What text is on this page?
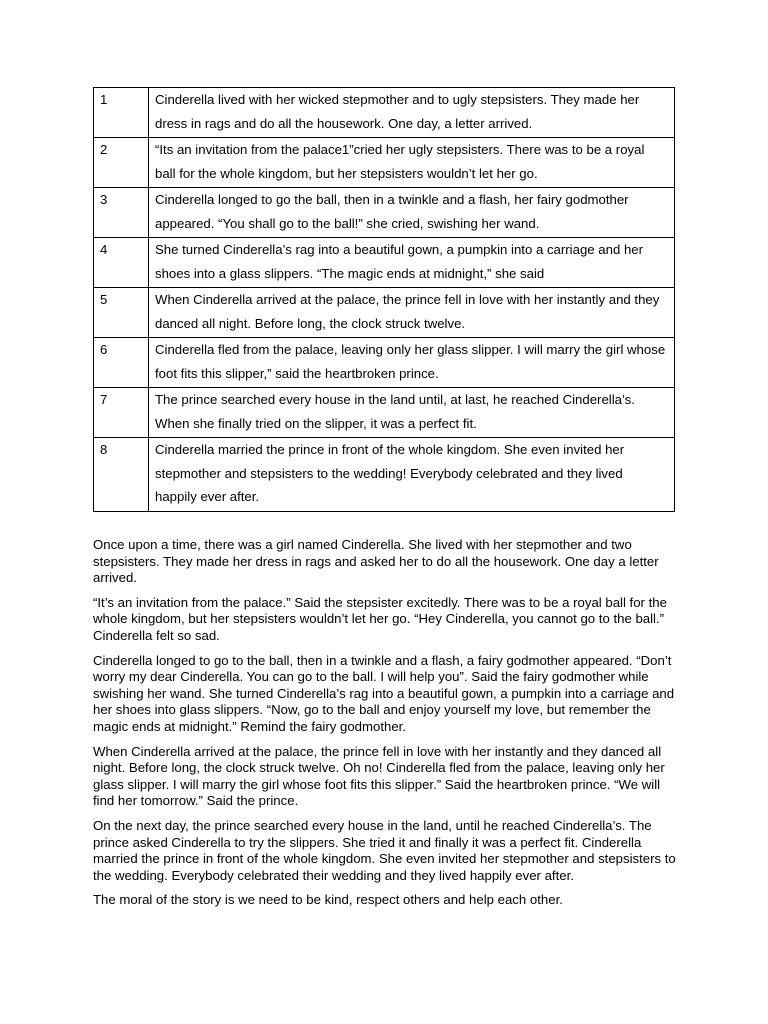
1	Cinderella lived with her wicked stepmother and to ugly stepsisters. They made her dress in rags and do all the housework. One day, a letter arrived.
2	“Its an invitation from the palace1”cried her ugly stepsisters. There was to be a royal ball for the whole kingdom, but her stepsisters wouldn’t let her go.
3	Cinderella longed to go the ball, then in a twinkle and a flash, her fairy godmother appeared. “You shall go to the ball!” she cried, swishing her wand.
4	She turned Cinderella’s rag into a beautiful gown, a pumpkin into a carriage and her shoes into a glass slippers. “The magic ends at midnight,” she said
5	When Cinderella arrived at the palace, the prince fell in love with her instantly and they danced all night. Before long, the clock struck twelve.
6	Cinderella fled from the palace, leaving only her glass slipper. I will marry the girl whose foot fits this slipper,” said the heartbroken prince.
7	The prince searched every house in the land until, at last, he reached Cinderella’s. When she finally tried on the slipper, it was a perfect fit.
8	Cinderella married the prince in front of the whole kingdom. She even invited her stepmother and stepsisters to the wedding! Everybody celebrated and they lived happily ever after.

Once upon a time, there was a girl named Cinderella. She lived with her stepmother and two stepsisters. They made her dress in rags and asked her to do all the housework. One day a letter arrived.

“It’s an invitation from the palace.” Said the stepsister excitedly. There was to be a royal ball for the whole kingdom, but her stepsisters wouldn’t let her go. “Hey Cinderella, you cannot go to the ball.” Cinderella felt so sad.

Cinderella longed to go to the ball, then in a twinkle and a flash, a fairy godmother appeared. “Don’t worry my dear Cinderella. You can go to the ball. I will help you”. Said the fairy godmother while swishing her wand. She turned Cinderella’s rag into a beautiful gown, a pumpkin into a carriage and her shoes into glass slippers. “Now, go to the ball and enjoy yourself my love, but remember the magic ends at midnight.” Remind the fairy godmother.

When Cinderella arrived at the palace, the prince fell in love with her instantly and they danced all night. Before long, the clock struck twelve. Oh no! Cinderella fled from the palace, leaving only her glass slipper. I will marry the girl whose foot fits this slipper.” Said the heartbroken prince. “We will find her tomorrow.” Said the prince.

On the next day, the prince searched every house in the land, until he reached Cinderella’s. The prince asked Cinderella to try the slippers. She tried it and finally it was a perfect fit. Cinderella married the prince in front of the whole kingdom. She even invited her stepmother and stepsisters to the wedding. Everybody celebrated their wedding and they lived happily ever after.

The moral of the story is we need to be kind, respect others and help each other.
